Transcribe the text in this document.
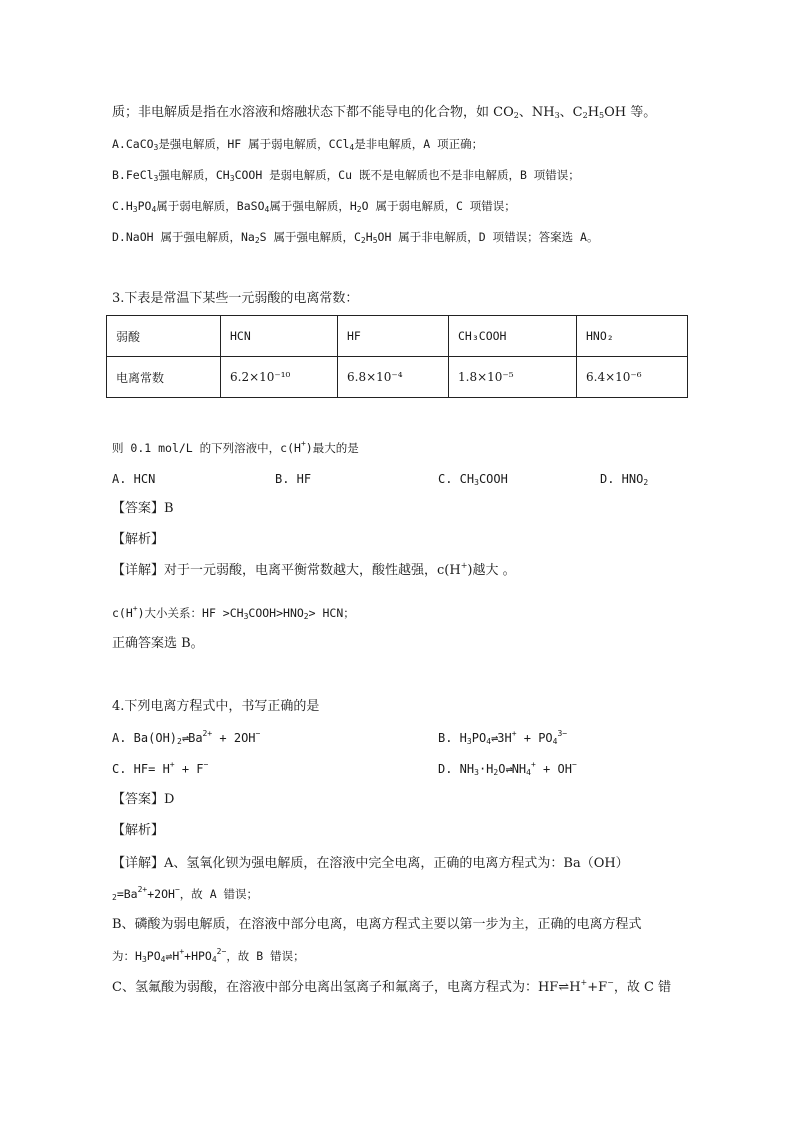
质；非电解质是指在水溶液和熔融状态下都不能导电的化合物，如 $CO_2$、$NH_3$、$C_2H_5OH$ 等。
A.CaCO$_3$是强电解质，HF 属于弱电解质，CCl$_4$是非电解质，A 项正确；
B.FeCl$_3$强电解质，$CH_3COOH$ 是弱电解质，Cu 既不是电解质也不是非电解质，B 项错误；
$C.H_3PO_4$属于弱电解质，BaSO$_4$属于强电解质，$H_2O$ 属于弱电解质，C 项错误；
D.NaOH 属于强电解质，$Na_2S$ 属于强电解质，$C_2H_5OH$ 属于非电解质，D 项错误；答案选 A。
3.下表是常温下某些一元弱酸的电离常数：
弱酸	HCN	HF	CH₃COOH	HNO₂
电离常数	6.2×10⁻¹⁰	6.8×10⁻⁴	1.8×10⁻⁵	6.4×10⁻⁶
则 0.1 mol/L 的下列溶液中，c(H+)最大的是
A. HCN	B. HF	C. $CH_3COOH$	D. $HNO_2$
【答案】B
【解析】
【详解】对于一元弱酸，电离平衡常数越大，酸性越强，c(H+)越大 。
c(H+)大小关系：HF $>CH_3COOH>HNO_2>$ HCN；
正确答案选 B。
4.下列电离方程式中，书写正确的是
A. $Ba(OH)_2\rightleftharpoons Ba^{2+} + 2OH^-$	B. $H_3PO_4\rightleftharpoons 3H^+ + PO_4^{3-}$
C. HF= H+ + F−	D. $NH_3\cdot H_2O\rightleftharpoons NH_4^+ + OH^-$
【答案】D
【解析】
【详解】A、氢氧化钡为强电解质，在溶液中完全电离，正确的电离方程式为：Ba（OH）
$_2=Ba^{2+}+2OH^-$，故 A 错误；
B、磷酸为弱电解质，在溶液中部分电离，电离方程式主要以第一步为主，正确的电离方程式
为：$H_3PO_4\rightleftharpoons H^++HPO_4^{2-}$，故 B 错误；
C、氢氟酸为弱酸，在溶液中部分电离出氢离子和氟离子，电离方程式为：HF⇌H++F−，故 C 错
